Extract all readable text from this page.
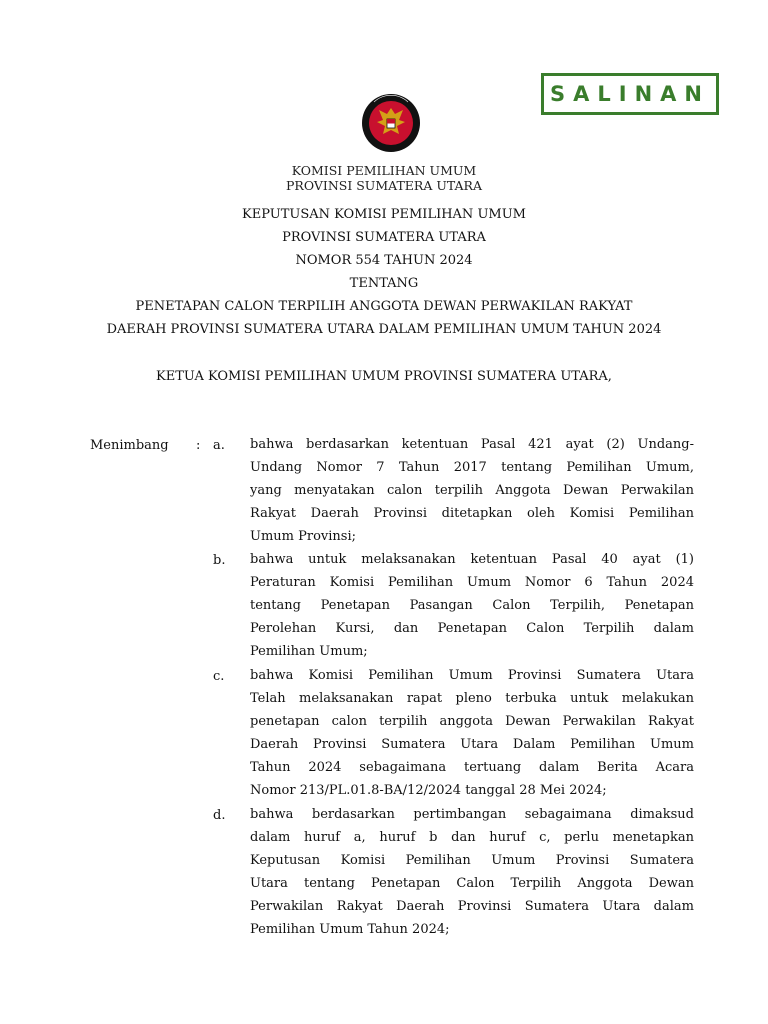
SALINAN
KOMISI PEMILIHAN UMUM
PROVINSI SUMATERA UTARA
KEPUTUSAN KOMISI PEMILIHAN UMUM
PROVINSI SUMATERA UTARA
NOMOR 554 TAHUN 2024
TENTANG
PENETAPAN CALON TERPILIH ANGGOTA DEWAN PERWAKILAN RAKYAT
DAERAH PROVINSI SUMATERA UTARA DALAM PEMILIHAN UMUM TAHUN 2024
KETUA KOMISI PEMILIHAN UMUM PROVINSI SUMATERA UTARA,
Menimbang : a. bahwa berdasarkan ketentuan Pasal 421 ayat (2) Undang-
Undang Nomor 7 Tahun 2017 tentang Pemilihan Umum,
yang menyatakan calon terpilih Anggota Dewan Perwakilan
Rakyat Daerah Provinsi ditetapkan oleh Komisi Pemilihan
Umum Provinsi;
b. bahwa untuk melaksanakan ketentuan Pasal 40 ayat (1)
Peraturan Komisi Pemilihan Umum Nomor 6 Tahun 2024
tentang Penetapan Pasangan Calon Terpilih, Penetapan
Perolehan Kursi, dan Penetapan Calon Terpilih dalam
Pemilihan Umum;
c. bahwa Komisi Pemilihan Umum Provinsi Sumatera Utara
Telah melaksanakan rapat pleno terbuka untuk melakukan
penetapan calon terpilih anggota Dewan Perwakilan Rakyat
Daerah Provinsi Sumatera Utara Dalam Pemilihan Umum
Tahun 2024 sebagaimana tertuang dalam Berita Acara
Nomor 213/PL.01.8-BA/12/2024 tanggal 28 Mei 2024;
d. bahwa berdasarkan pertimbangan sebagaimana dimaksud
dalam huruf a, huruf b dan huruf c, perlu menetapkan
Keputusan Komisi Pemilihan Umum Provinsi Sumatera
Utara tentang Penetapan Calon Terpilih Anggota Dewan
Perwakilan Rakyat Daerah Provinsi Sumatera Utara dalam
Pemilihan Umum Tahun 2024;
